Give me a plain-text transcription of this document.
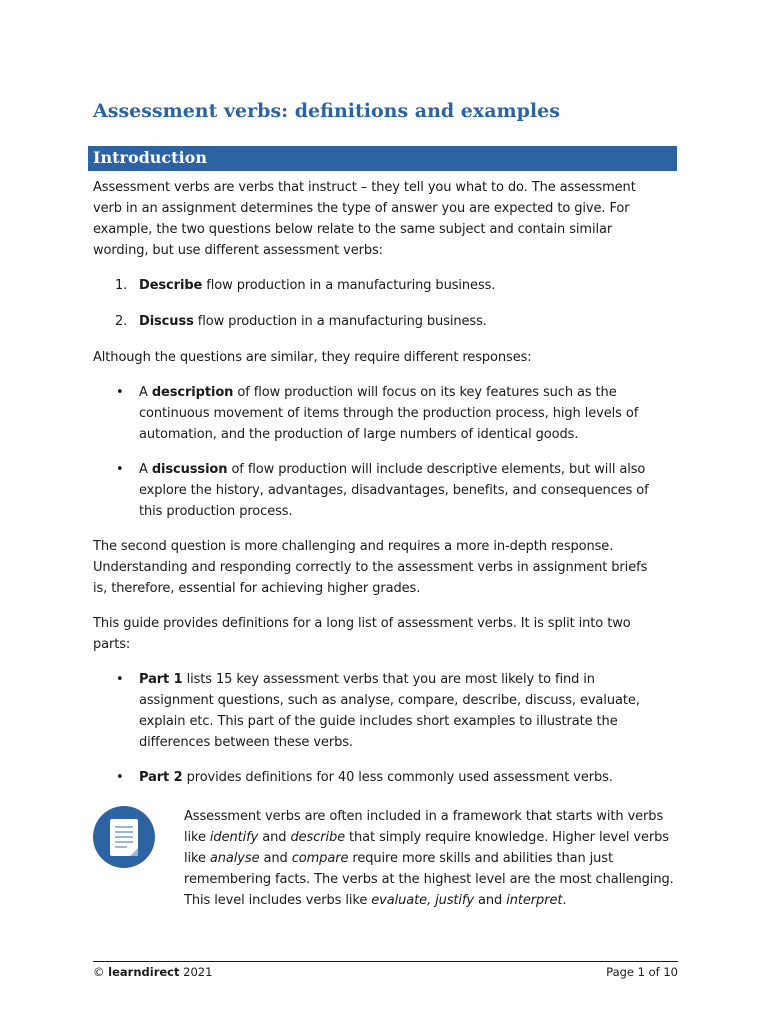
Assessment verbs: definitions and examples
Introduction

Assessment verbs are verbs that instruct – they tell you what to do. The assessment verb in an assignment determines the type of answer you are expected to give. For example, the two questions below relate to the same subject and contain similar wording, but use different assessment verbs:

1. Describe flow production in a manufacturing business.
2. Discuss flow production in a manufacturing business.

Although the questions are similar, they require different responses:

• A description of flow production will focus on its key features such as the continuous movement of items through the production process, high levels of automation, and the production of large numbers of identical goods.
• A discussion of flow production will include descriptive elements, but will also explore the history, advantages, disadvantages, benefits, and consequences of this production process.

The second question is more challenging and requires a more in-depth response. Understanding and responding correctly to the assessment verbs in assignment briefs is, therefore, essential for achieving higher grades.

This guide provides definitions for a long list of assessment verbs. It is split into two parts:

• Part 1 lists 15 key assessment verbs that you are most likely to find in assignment questions, such as analyse, compare, describe, discuss, evaluate, explain etc. This part of the guide includes short examples to illustrate the differences between these verbs.
• Part 2 provides definitions for 40 less commonly used assessment verbs.
Assessment verbs are often included in a framework that starts with verbs like identify and describe that simply require knowledge. Higher level verbs like analyse and compare require more skills and abilities than just remembering facts. The verbs at the highest level are the most challenging. This level includes verbs like evaluate, justify and interpret.
© learndirect 2021	Page 1 of 10
